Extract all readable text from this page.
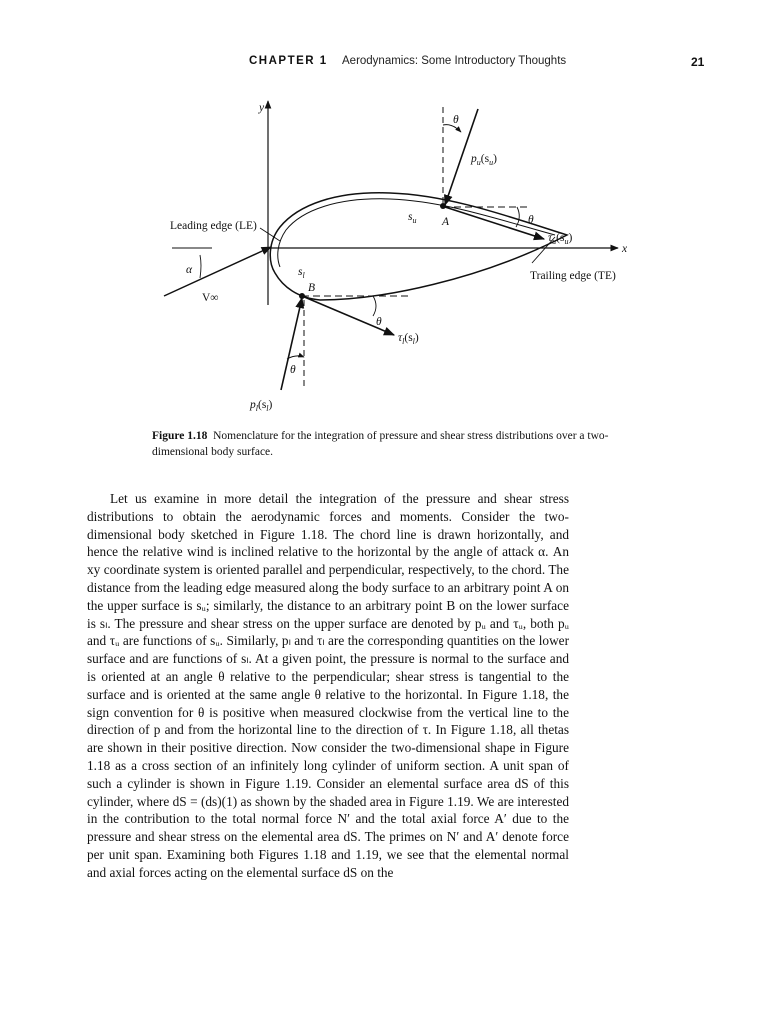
CHAPTER 1 Aerodynamics: Some Introductory Thoughts	21
y
x
θ
$p_u(s_u)$
$s_u$ A	θ
$\tau_u(s_u)$
Leading edge (LE)
Trailing edge (TE)
α
V∞
$s_l$
B
θ
$\tau_l(s_l)$
θ
$p_l(s_l)$
Figure 1.18 Nomenclature for the integration of pressure and shear stress distributions over a two-dimensional body surface.

Let us examine in more detail the integration of the pressure and shear stress distributions to obtain the aerodynamic forces and moments. Consider the two-dimensional body sketched in Figure 1.18. The chord line is drawn horizontally, and hence the relative wind is inclined relative to the horizontal by the angle of attack α. An xy coordinate system is oriented parallel and perpendicular, respectively, to the chord. The distance from the leading edge measured along the body surface to an arbitrary point A on the upper surface is sᵤ; similarly, the distance to an arbitrary point B on the lower surface is sₗ. The pressure and shear stress on the upper surface are denoted by pᵤ and τᵤ, both pᵤ and τᵤ are functions of sᵤ. Similarly, pₗ and τₗ are the corresponding quantities on the lower surface and are functions of sₗ. At a given point, the pressure is normal to the surface and is oriented at an angle θ relative to the perpendicular; shear stress is tangential to the surface and is oriented at the same angle θ relative to the horizontal. In Figure 1.18, the sign convention for θ is positive when measured clockwise from the vertical line to the direction of p and from the horizontal line to the direction of τ. In Figure 1.18, all thetas are shown in their positive direction. Now consider the two-dimensional shape in Figure 1.18 as a cross section of an infinitely long cylinder of uniform section. A unit span of such a cylinder is shown in Figure 1.19. Consider an elemental surface area dS of this cylinder, where dS = (ds)(1) as shown by the shaded area in Figure 1.19. We are interested in the contribution to the total normal force N′ and the total axial force A′ due to the pressure and shear stress on the elemental area dS. The primes on N′ and A′ denote force per unit span. Examining both Figures 1.18 and 1.19, we see that the elemental normal and axial forces acting on the elemental surface dS on the
